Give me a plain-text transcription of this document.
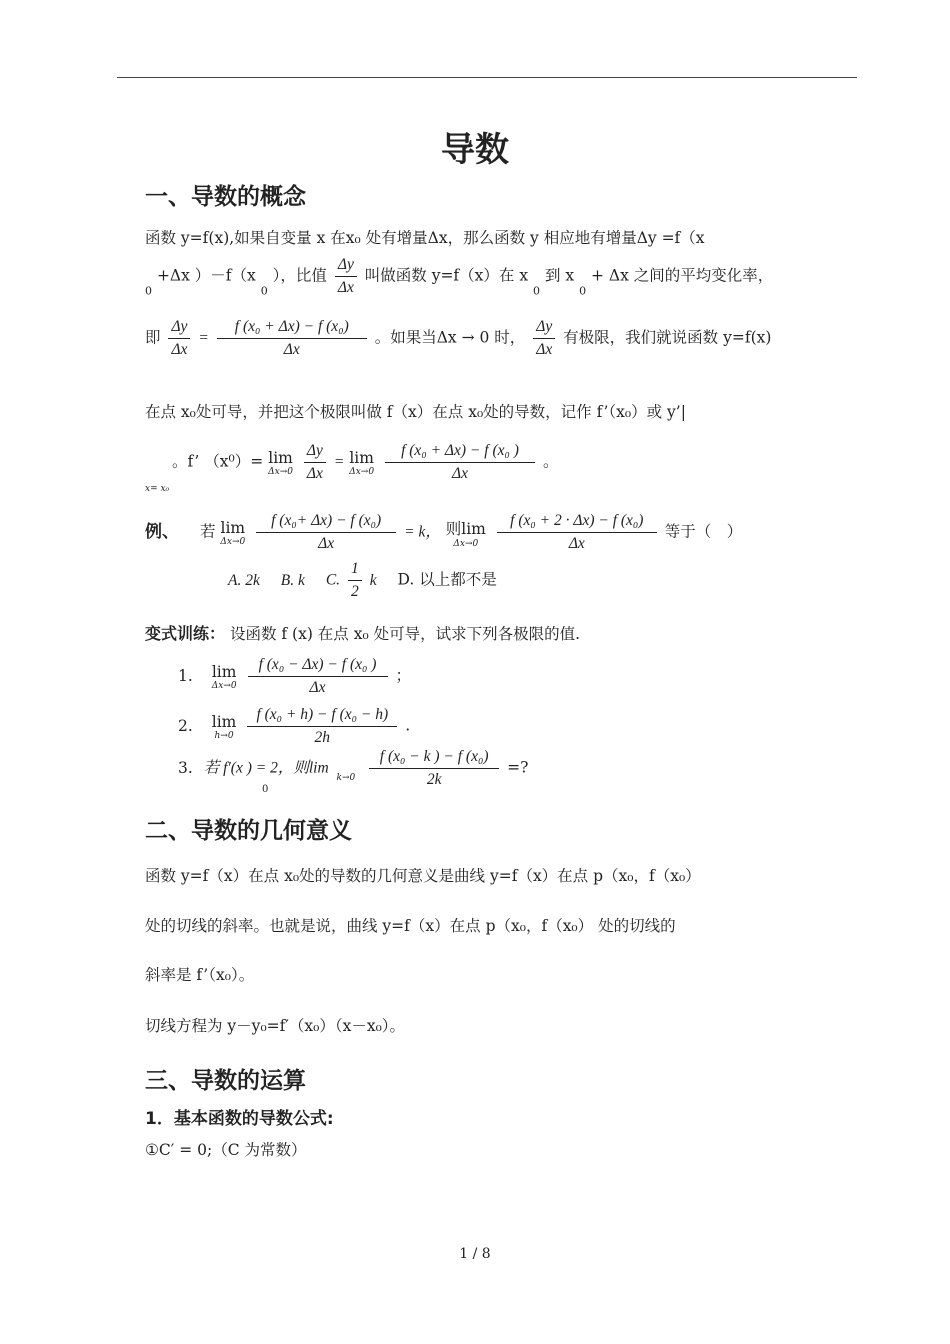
导数
一、导数的概念
函数 y=f(x),如果自变量 x 在x₀ 处有增量Δx，那么函数 y 相应地有增量Δy =f（x
$_0$ +Δx ）－f（x $_0$ ），比值 $\frac{\Delta y}{\Delta x}$ 叫做函数 y=f（x）在 x $_0$ 到 x $_0$ + Δx 之间的平均变化率，
即 $\frac{\Delta y}{\Delta x} = \frac{\text{f (x₀ + Δx) − f (x₀)}}{\Delta x}$ 。如果当Δx → 0 时， $\frac{\Delta y}{\Delta x}$ 有极限，我们就说函数 y=f(x)
在点 x₀处可导，并把这个极限叫做 f（x）在点 x₀处的导数，记作 f’（x₀）或 y’|
x= x₀
。f’ （x⁰）= lim
Δx→0
$\frac{\Delta y}{\Delta x} = \lim$
Δx→0
$\frac{\text{f (x₀ + Δx) − f (x₀ )}}{\Delta x}$ 。
例、 若 lim
Δx→0
$\frac{\text{f (x₀+ Δx) − f (x₀)}}{\Delta x} = k$， 则lim
Δx→0
	$\frac{\text{f (x₀ + 2 · Δx) − f (x₀)}}{\Delta x}$ 等于（　）
A. 2k B. k C. $\frac{1}{2}$ k D. 以上都不是
变式训练： 设函数 f (x) 在点 x₀ 处可导，试求下列各极限的值.
1. lim
Δx→0
$\frac{\text{f (x₀ − Δx) − f (x₀ )}}{\Delta x}$ ；
2. lim
h→0
$\frac{\text{f (x₀ + h) − f (x₀ − h)}}{2h}$ .
3. 若 f′(x ) = 2，则lim
k→0
$\frac{\text{f (x₀ − k ) − f (x₀)}}{2k}$ =?
0
二、导数的几何意义
函数 y=f（x）在点 x₀处的导数的几何意义是曲线 y=f（x）在点 p（x₀，f（x₀）
处的切线的斜率。也就是说，曲线 y=f（x）在点 p（x₀，f（x₀） 处的切线的
斜率是 f’（x₀）。
切线方程为 y－y₀=f′（x₀）（x－x₀）。
三、导数的运算
1．基本函数的导数公式:
①C′ = 0;（C 为常数）
1 / 8
